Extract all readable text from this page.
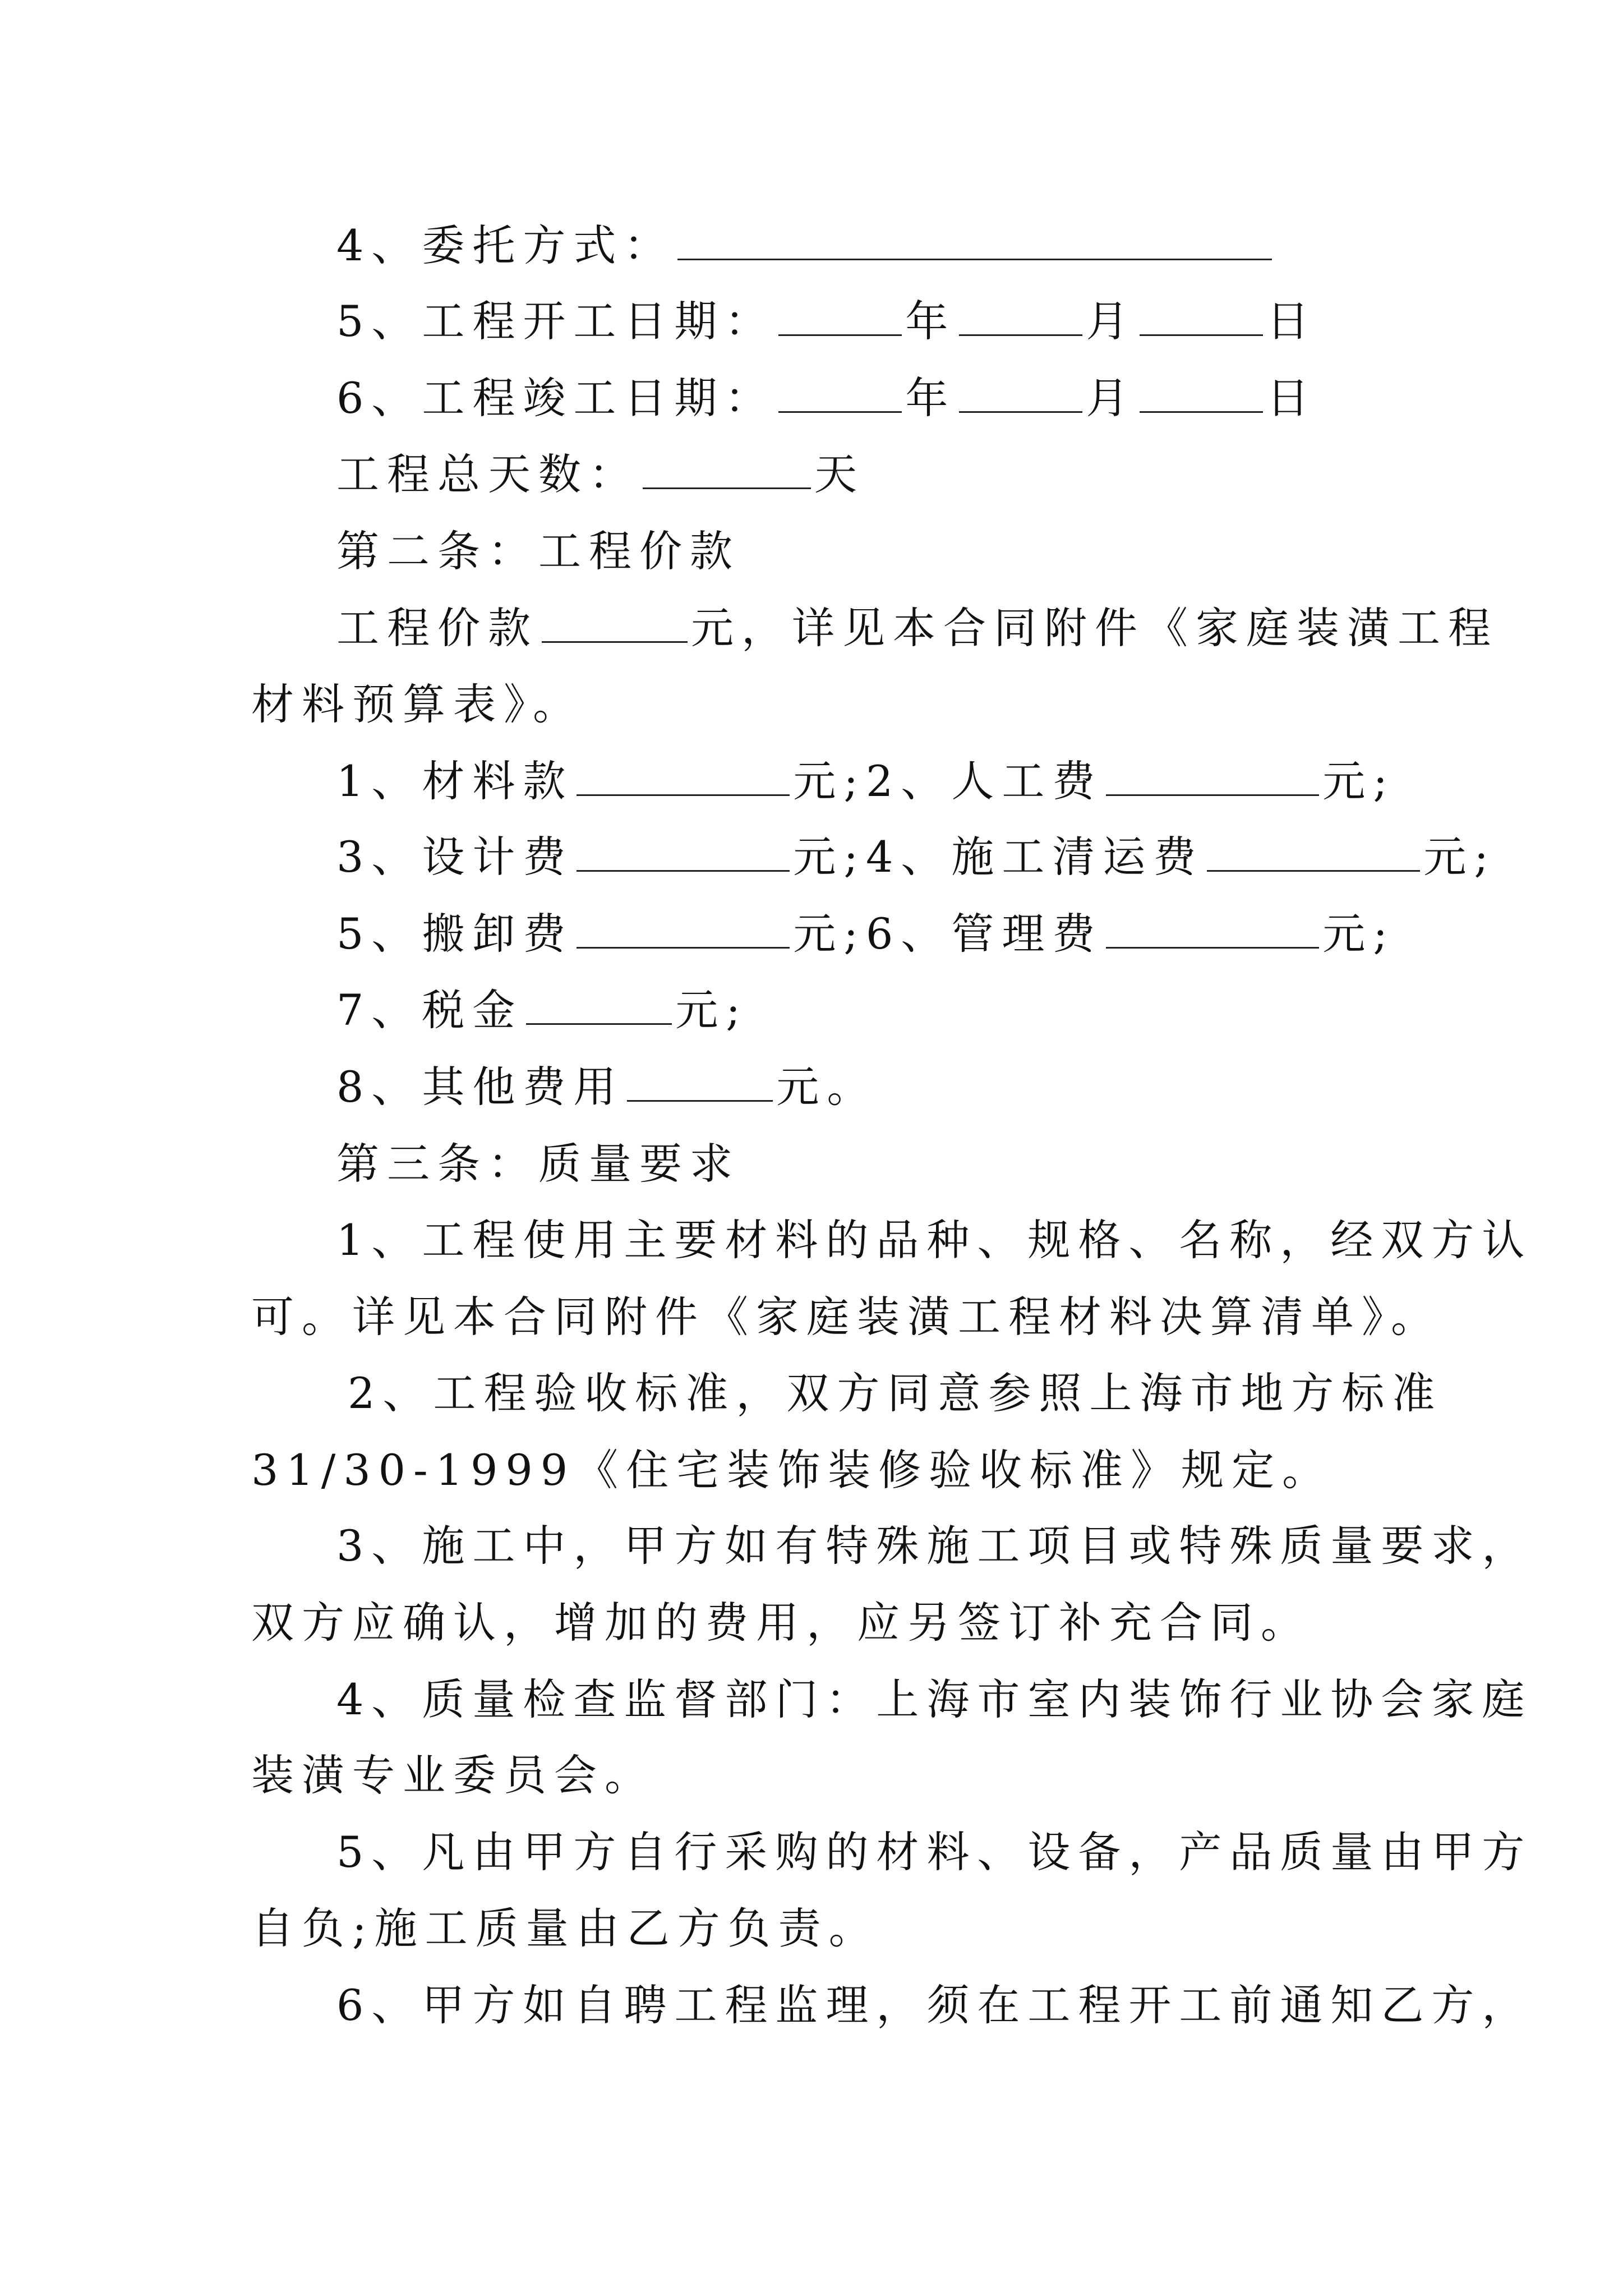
4、委托方式：
5、工程开工日期：	年	月	日
6、工程竣工日期：	年	月	日
工程总天数：	天
第二条：工程价款
工程价款	元，详见本合同附件《家庭装潢工程
材料预算表》。
1、材料款	元;2、人工费	元;
3、设计费	元;4、施工清运费	元;
5、搬卸费	元;6、管理费	元;
7、税金	元;
8、其他费用	元。
第三条：质量要求
1、工程使用主要材料的品种、规格、名称，经双方认
可。详见本合同附件《家庭装潢工程材料决算清单》。
2、工程验收标准，双方同意参照上海市地方标准
31/30-1999《住宅装饰装修验收标准》规定。
3、施工中，甲方如有特殊施工项目或特殊质量要求，
双方应确认，增加的费用，应另签订补充合同。
4、质量检查监督部门：上海市室内装饰行业协会家庭
装潢专业委员会。
5、凡由甲方自行采购的材料、设备，产品质量由甲方
自负;施工质量由乙方负责。
6、甲方如自聘工程监理，须在工程开工前通知乙方，
